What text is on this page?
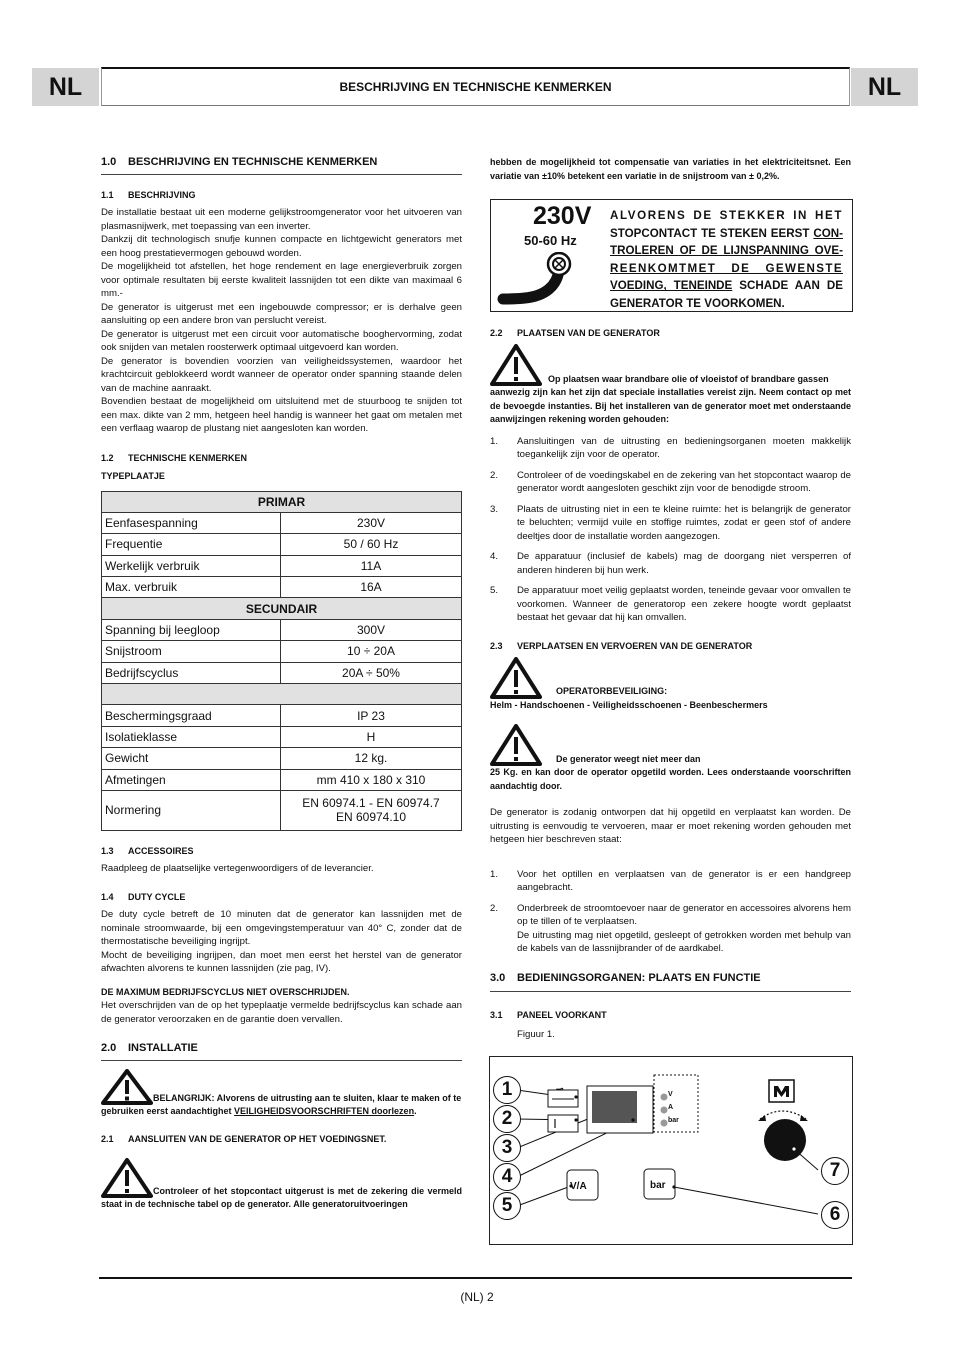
NL	BESCHRIJVING EN TECHNISCHE KENMERKEN	NL
1.0 BESCHRIJVING EN TECHNISCHE KENMERKEN
1.1 BESCHRIJVING

De installatie bestaat uit een moderne gelijkstroomgenerator voor het uitvoeren van plasmasnijwerk, met toepassing van een inverter.

Dankzij dit technologisch snufje kunnen compacte en lichtgewicht generators met een hoog prestatievermogen gebouwd worden.

De mogelijkheid tot afstellen, het hoge rendement en lage energieverbruik zorgen voor optimale resultaten bij eerste kwaliteit lassnijden tot een dikte van maximaal 6 mm.-

De generator is uitgerust met een ingebouwde compressor; er is derhalve geen aansluiting op een andere bron van perslucht vereist.

De generator is uitgerust met een circuit voor automatische booghervorming, zodat ook snijden van metalen roosterwerk optimaal uitgevoerd kan worden.

De generator is bovendien voorzien van veiligheidssystemen, waardoor het krachtcircuit geblokkeerd wordt wanneer de operator onder spanning staande delen van de machine aanraakt.

Bovendien bestaat de mogelijkheid om uitsluitend met de stuurboog te snijden tot een max. dikte van 2 mm, hetgeen heel handig is wanneer het gaat om metalen met een verflaag waarop de plustang niet aangesloten kan worden.

1.2 TECHNISCHE KENMERKEN
TYPEPLAATJE
PRIMAR	
Eenfasespanning	230V
Frequentie	50 / 60 Hz
Werkelijk verbruik	11A
Max. verbruik	16A
SECUNDAIR	
Spanning bij leegloop	300V
Snijstroom	10 ÷ 20A
Bedrijfscyclus	20A ÷ 50%

Beschermingsgraad	IP 23
Isolatieklasse	H
Gewicht	12 kg.
Afmetingen	mm 410 x 180 x 310
Normering	EN 60974.1 - EN 60974.7
EN 60974.10
1.3 ACCESSOIRES

Raadpleeg de plaatselijke vertegenwoordigers of de leverancier.

1.4 DUTY CYCLE

De duty cycle betreft de 10 minuten dat de generator kan lassnijden met de nominale stroomwaarde, bij een omgevingstemperatuur van 40° C, zonder dat de thermostatische beveiliging ingrijpt.

Mocht de beveiliging ingrijpen, dan moet men eerst het herstel van de generator afwachten alvorens te kunnen lassnijden (zie pag, IV).

DE MAXIMUM BEDRIJFSCYCLUS NIET OVERSCHRIJDEN.

Het overschrijden van de op het typeplaatje vermelde bedrijfscyclus kan schade aan de generator veroorzaken en de garantie doen vervallen.

2.0 INSTALLATIE
BELANGRIJK: Alvorens de uitrusting aan te sluiten, klaar te maken of te gebruiken eerst aandachtighet VEILIGHEIDSVOORSCHRIFTEN doorlezen.
2.1 AANSLUITEN VAN DE GENERATOR OP HET VOEDINGSNET.
Controleer of het stopcontact uitgerust is met de zekering die vermeld staat in de technische tabel op de generator. Alle generatoruitvoeringen

hebben de mogelijkheid tot compensatie van variaties in het elektriciteitsnet. Een variatie van ±10% betekent een variatie in de snijstroom van ± 0,2%.

230V
50-60 Hz
ALVORENS DE STEKKER IN HET
STOPCONTACT TE STEKEN EERST CON-
TROLEREN OF DE LIJNSPANNING OVE-
REENKOMTMET DE GEWENSTE
VOEDING, TENEINDE SCHADE AAN DE
GENERATOR TE VOORKOMEN.
2.2 PLAATSEN VAN DE GENERATOR
Op plaatsen waar brandbare olie of vloeistof of brandbare gassen
aanwezig zijn kan het zijn dat speciale installaties vereist zijn. Neem contact op met de bevoegde instanties. Bij het installeren van de generator moet met onderstaande aanwijzingen rekening worden gehouden:
1. Aansluitingen van de uitrusting en bedieningsorganen moeten makkelijk toegankelijk zijn voor de operator.
2. Controleer of de voedingskabel en de zekering van het stopcontact waarop de generator wordt aangesloten geschikt zijn voor de benodigde stroom.
3. Plaats de uitrusting niet in een te kleine ruimte: het is belangrijk de generator te beluchten; vermijd vuile en stoffige ruimtes, zodat er geen stof of andere deeltjes door de installatie worden aangezogen.
4. De apparatuur (inclusief de kabels) mag de doorgang niet versperren of anderen hinderen bij hun werk.
5. De apparatuur moet veilig geplaatst worden, teneinde gevaar voor omvallen te voorkomen. Wanneer de generatorop een zekere hoogte wordt geplaatst bestaat het gevaar dat hij kan omvallen.
2.3 VERPLAATSEN EN VERVOEREN VAN DE GENERATOR
OPERATORBEVEILIGING:
Helm - Handschoenen - Veiligheidsschoenen - Beenbeschermers
De generator weegt niet meer dan
25 Kg. en kan door de operator opgetild worden. Lees onderstaande voorschriften aandachtig door.

De generator is zodanig ontworpen dat hij opgetild en verplaatst kan worden. De uitrusting is eenvoudig te vervoeren, maar er moet rekening worden gehouden met hetgeen hier beschreven staat:

1. Voor het optillen en verplaatsen van de generator is er een handgreep aangebracht.
2. Onderbreek de stroomtoevoer naar de generator en accessoires alvorens hem op te tillen of te verplaatsen.
De uitrusting mag niet opgetild, gesleept of getrokken worden met behulp van de kabels van de lassnijbrander of de aardkabel.
3.0 BEDIENINGSORGANEN: PLAATS EN FUNCTIE
3.1 PANEEL VOORKANT

Figuur 1.

⊸
V
A
bar
V/A	bar
1
2
3
4
5	6
7
(NL) 2
